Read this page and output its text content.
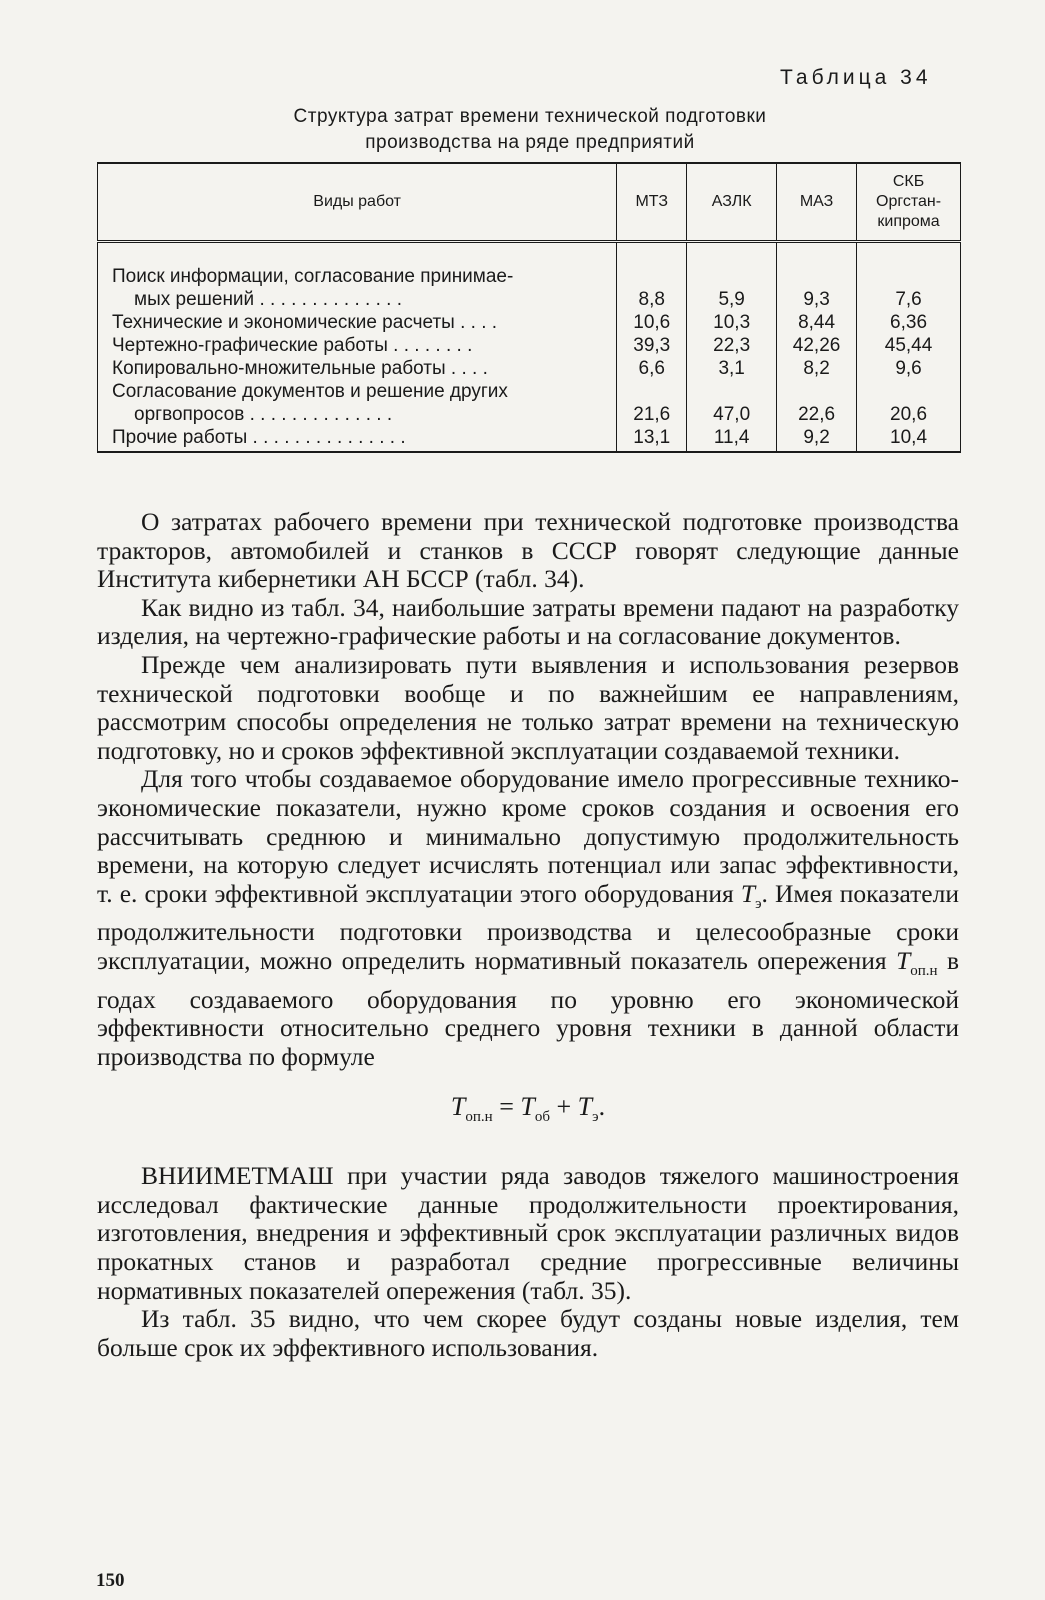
Таблица 34
Структура затрат времени технической подготовки
производства на ряде предприятий
Виды работ	МТЗ	АЗЛК	МАЗ	СКБ
Оргстан-
кипрома

Поиск информации, согласование принимае-
мых решений . . . . . . . . . . . . . .	8,8	5,9	9,3	7,6
Технические и экономические расчеты . . . .	10,6	10,3	8,44	6,36
Чертежно-графические работы . . . . . . . .	39,3	22,3	42,26	45,44
Копировально-множительные работы . . . .	6,6	3,1	8,2	9,6
Согласование документов и решение других
оргвопросов . . . . . . . . . . . . . .	21,6	47,0	22,6	20,6
Прочие работы . . . . . . . . . . . . . . .	13,1	11,4	9,2	10,4

О затратах рабочего времени при технической подготовке производства тракторов, автомобилей и станков в СССР говорят следующие данные Института кибернетики АН БССР (табл. 34).

Как видно из табл. 34, наибольшие затраты времени падают на разработку изделия, на чертежно-графические работы и на согласование документов.

Прежде чем анализировать пути выявления и использования резервов технической подготовки вообще и по важнейшим ее направлениям, рассмотрим способы определения не только затрат времени на техническую подготовку, но и сроков эффективной эксплуатации создаваемой техники.

Для того чтобы создаваемое оборудование имело прогрессивные технико-экономические показатели, нужно кроме сроков создания и освоения его рассчитывать среднюю и минимально допустимую продолжительность времени, на которую следует исчислять потенциал или запас эффективности, т. е. сроки эффективной эксплуатации этого оборудования $T_э$. Имея показатели продолжительности подготовки производства и целесообразные сроки эксплуатации, можно определить нормативный показатель опережения $T_{оп.н}$ в годах создаваемого оборудования по уровню его экономической эффективности относительно среднего уровня техники в данной области производства по формуле

$T_{оп.н} = T_{об} + T_э$.

ВНИИМЕТМАШ при участии ряда заводов тяжелого машиностроения исследовал фактические данные продолжительности проектирования, изготовления, внедрения и эффективный срок эксплуатации различных видов прокатных станов и разработал средние прогрессивные величины нормативных показателей опережения (табл. 35).

Из табл. 35 видно, что чем скорее будут созданы новые изделия, тем больше срок их эффективного использования.

150
